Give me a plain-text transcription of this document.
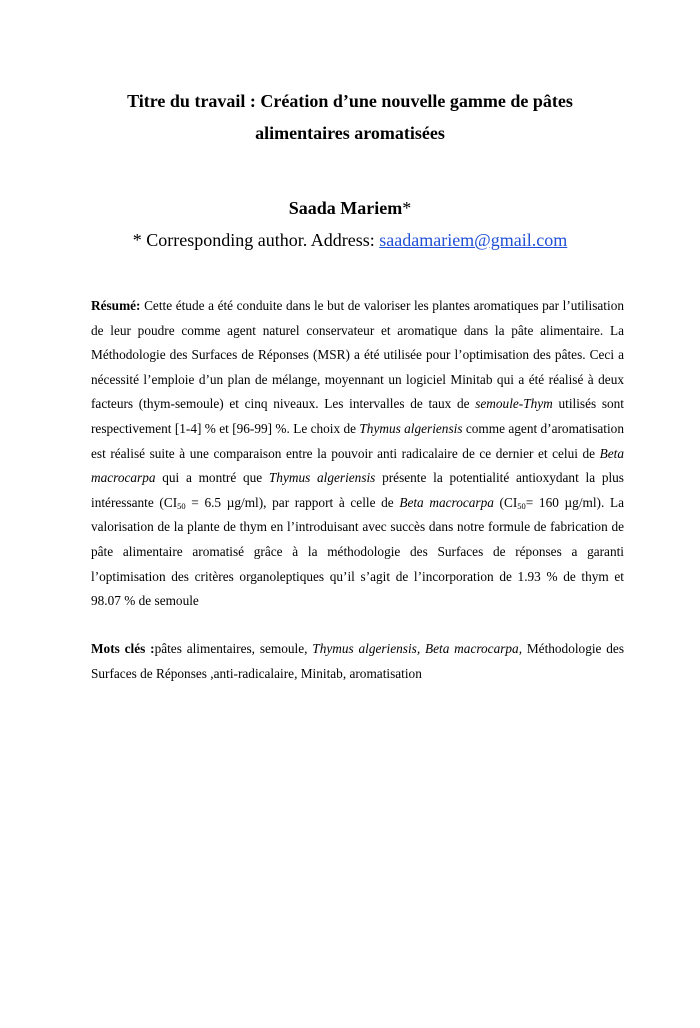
Titre du travail : Création d’une nouvelle gamme de pâtes
alimentaires aromatisées
Saada Mariem*
* Corresponding author. Address: saadamariem@gmail.com
Résumé: Cette étude a été conduite dans le but de valoriser les plantes aromatiques par l’utilisation de leur poudre comme agent naturel conservateur et aromatique dans la pâte alimentaire. La Méthodologie des Surfaces de Réponses (MSR) a été utilisée pour l’optimisation des pâtes. Ceci a nécessité l’emploie d’un plan de mélange, moyennant un logiciel Minitab qui a été réalisé à deux facteurs (thym-semoule) et cinq niveaux. Les intervalles de taux de semoule-Thym utilisés sont respectivement [1-4] % et [96-99] %. Le choix de Thymus algeriensis comme agent d’aromatisation est réalisé suite à une comparaison entre la pouvoir anti radicalaire de ce dernier et celui de Beta macrocarpa qui a montré que Thymus algeriensis présente la potentialité antioxydant la plus intéressante ($CI_{50} = 6.5$ µg/ml), par rapport à celle de Beta macrocarpa ($CI_{50}= 160$ µg/ml). La valorisation de la plante de thym en l’introduisant avec succès dans notre formule de fabrication de pâte alimentaire aromatisé grâce à la méthodologie des Surfaces de réponses a garanti l’optimisation des critères organoleptiques qu’il s’agit de l’incorporation de 1.93 % de thym et 98.07 % de semoule
Mots clés :pâtes alimentaires, semoule, Thymus algeriensis, Beta macrocarpa, Méthodologie des Surfaces de Réponses ,anti-radicalaire, Minitab, aromatisation
